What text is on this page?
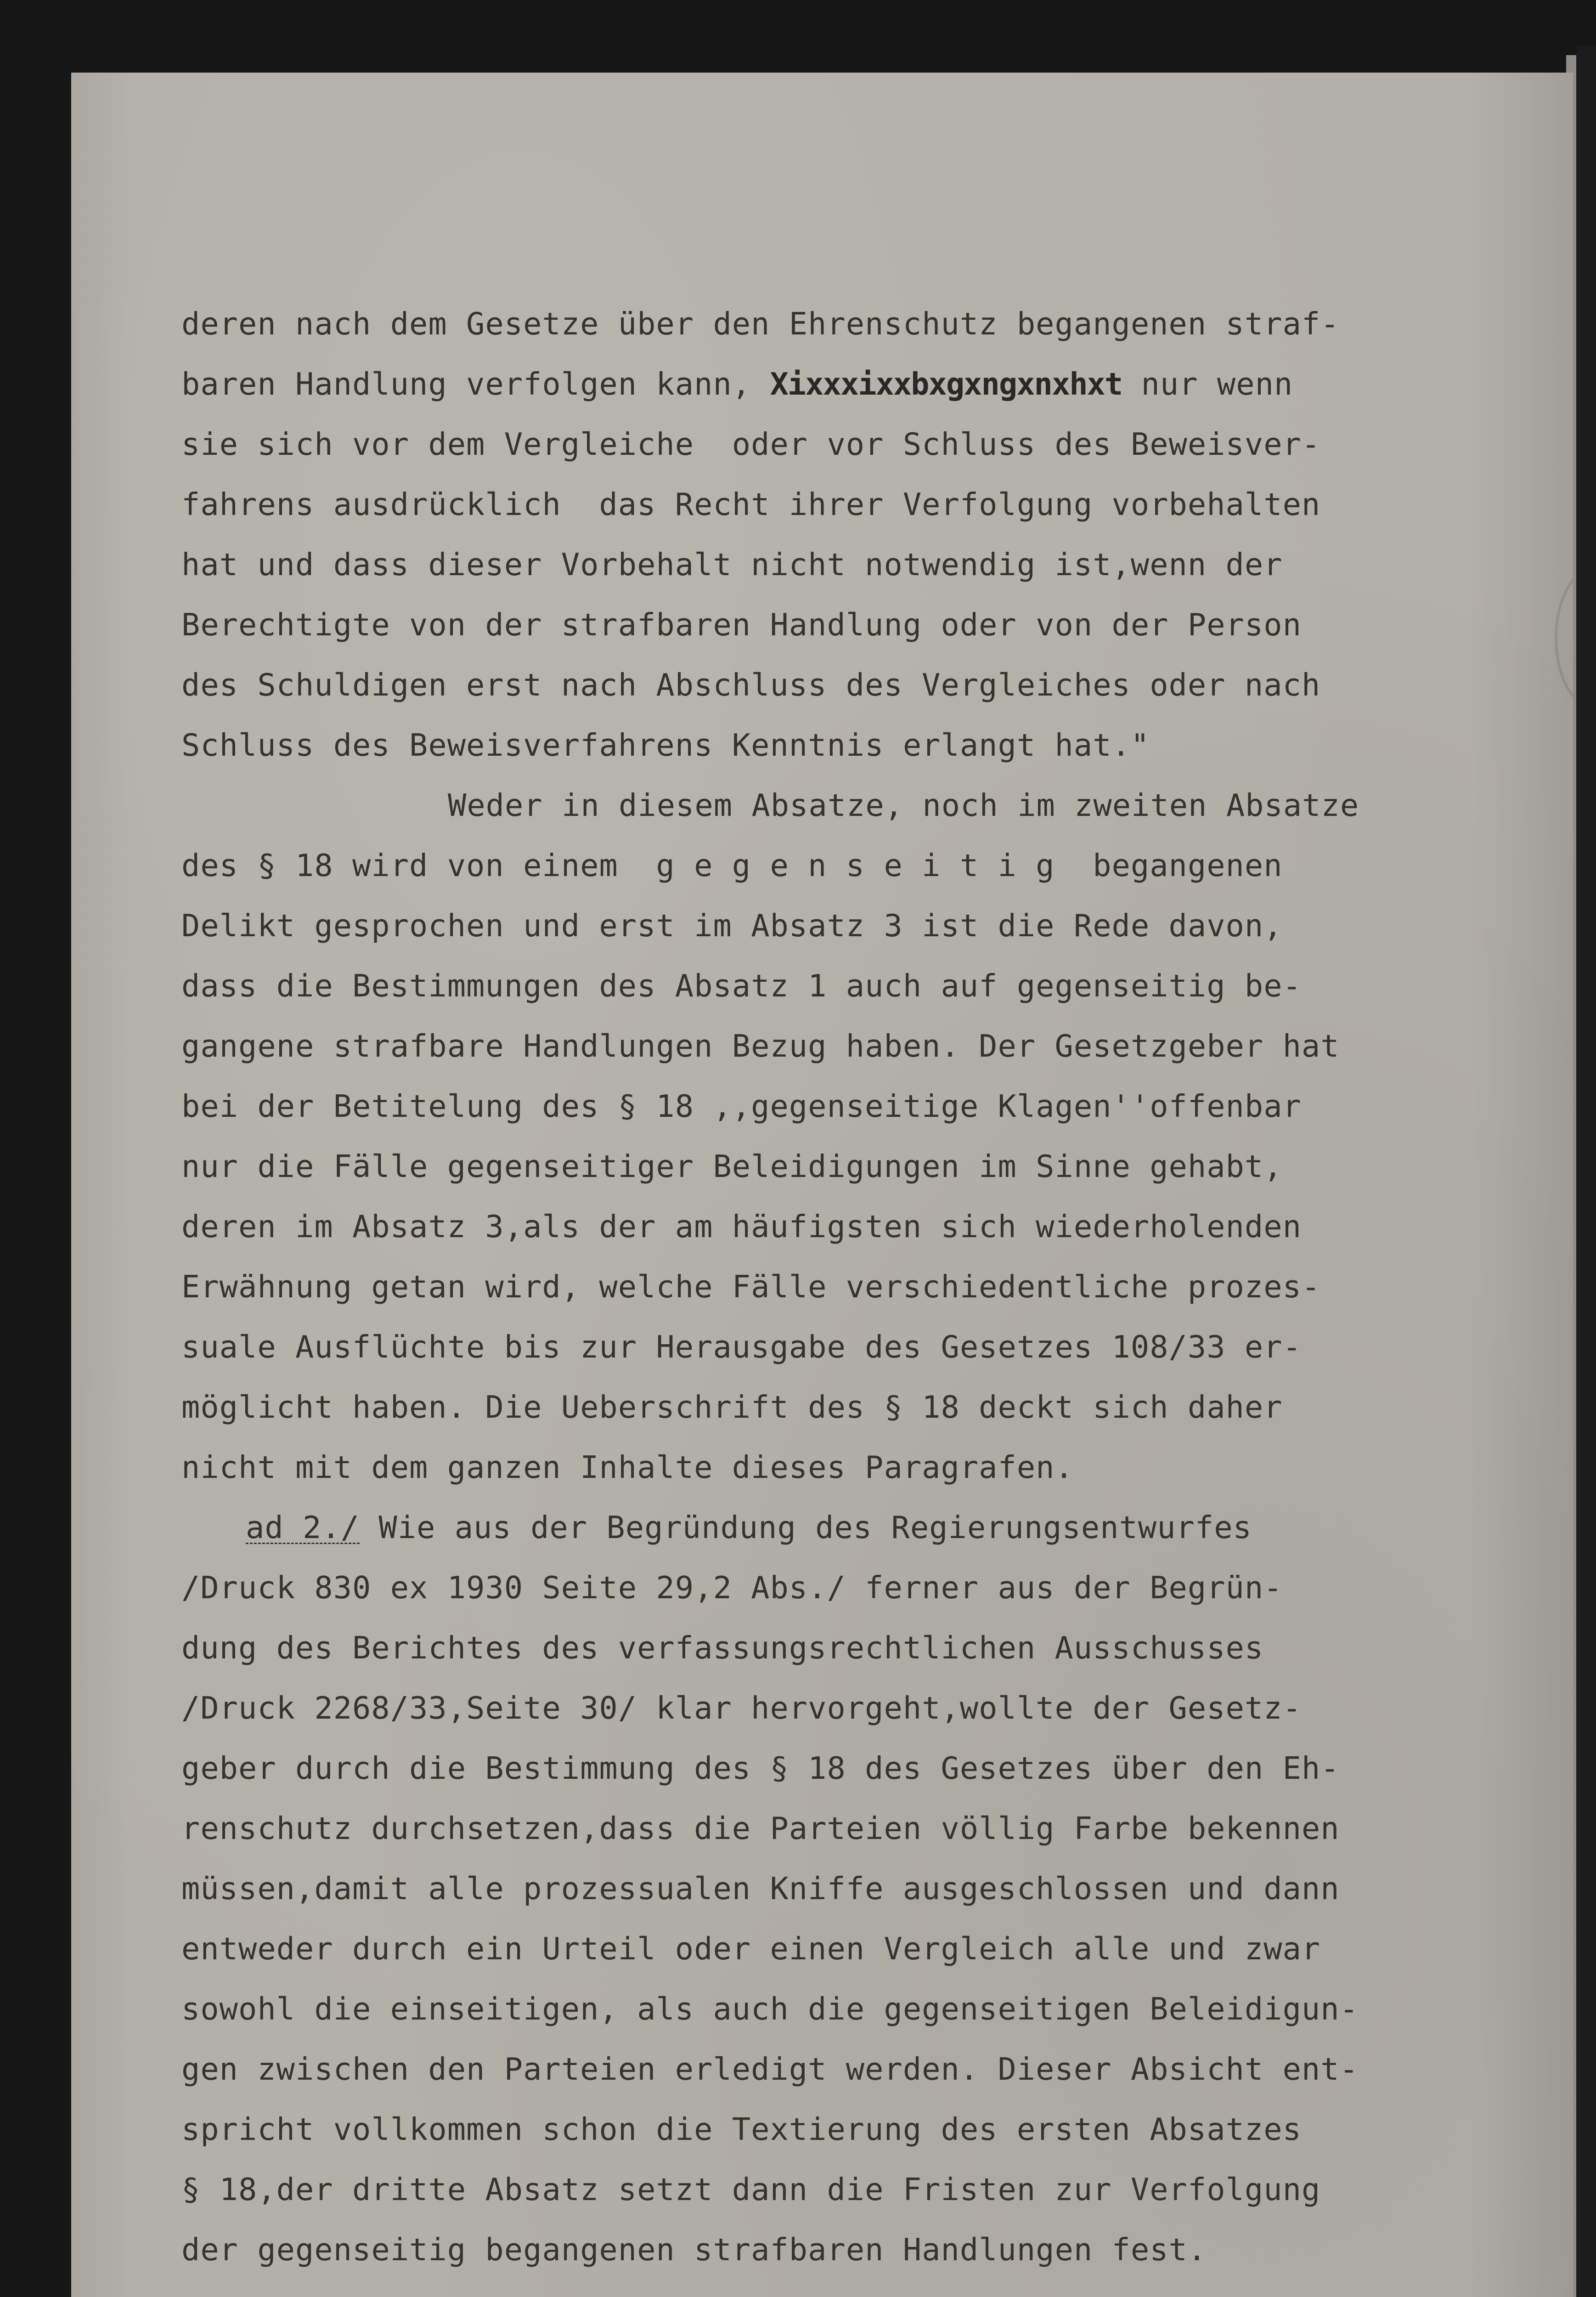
deren nach dem Gesetze über den Ehrenschutz begangenen straf-
baren Handlung verfolgen kann, Xixxxixxbxgxngxnxhxt nur wenn
sie sich vor dem Vergleiche  oder vor Schluss des Beweisver-
fahrens ausdrücklich  das Recht ihrer Verfolgung vorbehalten
hat und dass dieser Vorbehalt nicht notwendig ist,wenn der
Berechtigte von der strafbaren Handlung oder von der Person
des Schuldigen erst nach Abschluss des Vergleiches oder nach
Schluss des Beweisverfahrens Kenntnis erlangt hat."
Weder in diesem Absatze, noch im zweiten Absatze
des § 18 wird von einem  g e g e n s e i t i g  begangenen
Delikt gesprochen und erst im Absatz 3 ist die Rede davon,
dass die Bestimmungen des Absatz 1 auch auf gegenseitig be-
gangene strafbare Handlungen Bezug haben. Der Gesetzgeber hat
bei der Betitelung des § 18 ,,gegenseitige Klagen''offenbar
nur die Fälle gegenseitiger Beleidigungen im Sinne gehabt,
deren im Absatz 3,als der am häufigsten sich wiederholenden
Erwähnung getan wird, welche Fälle verschiedentliche prozes-
suale Ausflüchte bis zur Herausgabe des Gesetzes 108/33 er-
möglicht haben. Die Ueberschrift des § 18 deckt sich daher
nicht mit dem ganzen Inhalte dieses Paragrafen.
ad 2./ Wie aus der Begründung des Regierungsentwurfes
/Druck 830 ex 1930 Seite 29,2 Abs./ ferner aus der Begrün-
dung des Berichtes des verfassungsrechtlichen Ausschusses
/Druck 2268/33,Seite 30/ klar hervorgeht,wollte der Gesetz-
geber durch die Bestimmung des § 18 des Gesetzes über den Eh-
renschutz durchsetzen,dass die Parteien völlig Farbe bekennen
müssen,damit alle prozessualen Kniffe ausgeschlossen und dann
entweder durch ein Urteil oder einen Vergleich alle und zwar
sowohl die einseitigen, als auch die gegenseitigen Beleidigun-
gen zwischen den Parteien erledigt werden. Dieser Absicht ent-
spricht vollkommen schon die Textierung des ersten Absatzes
§ 18,der dritte Absatz setzt dann die Fristen zur Verfolgung
der gegenseitig begangenen strafbaren Handlungen fest.
